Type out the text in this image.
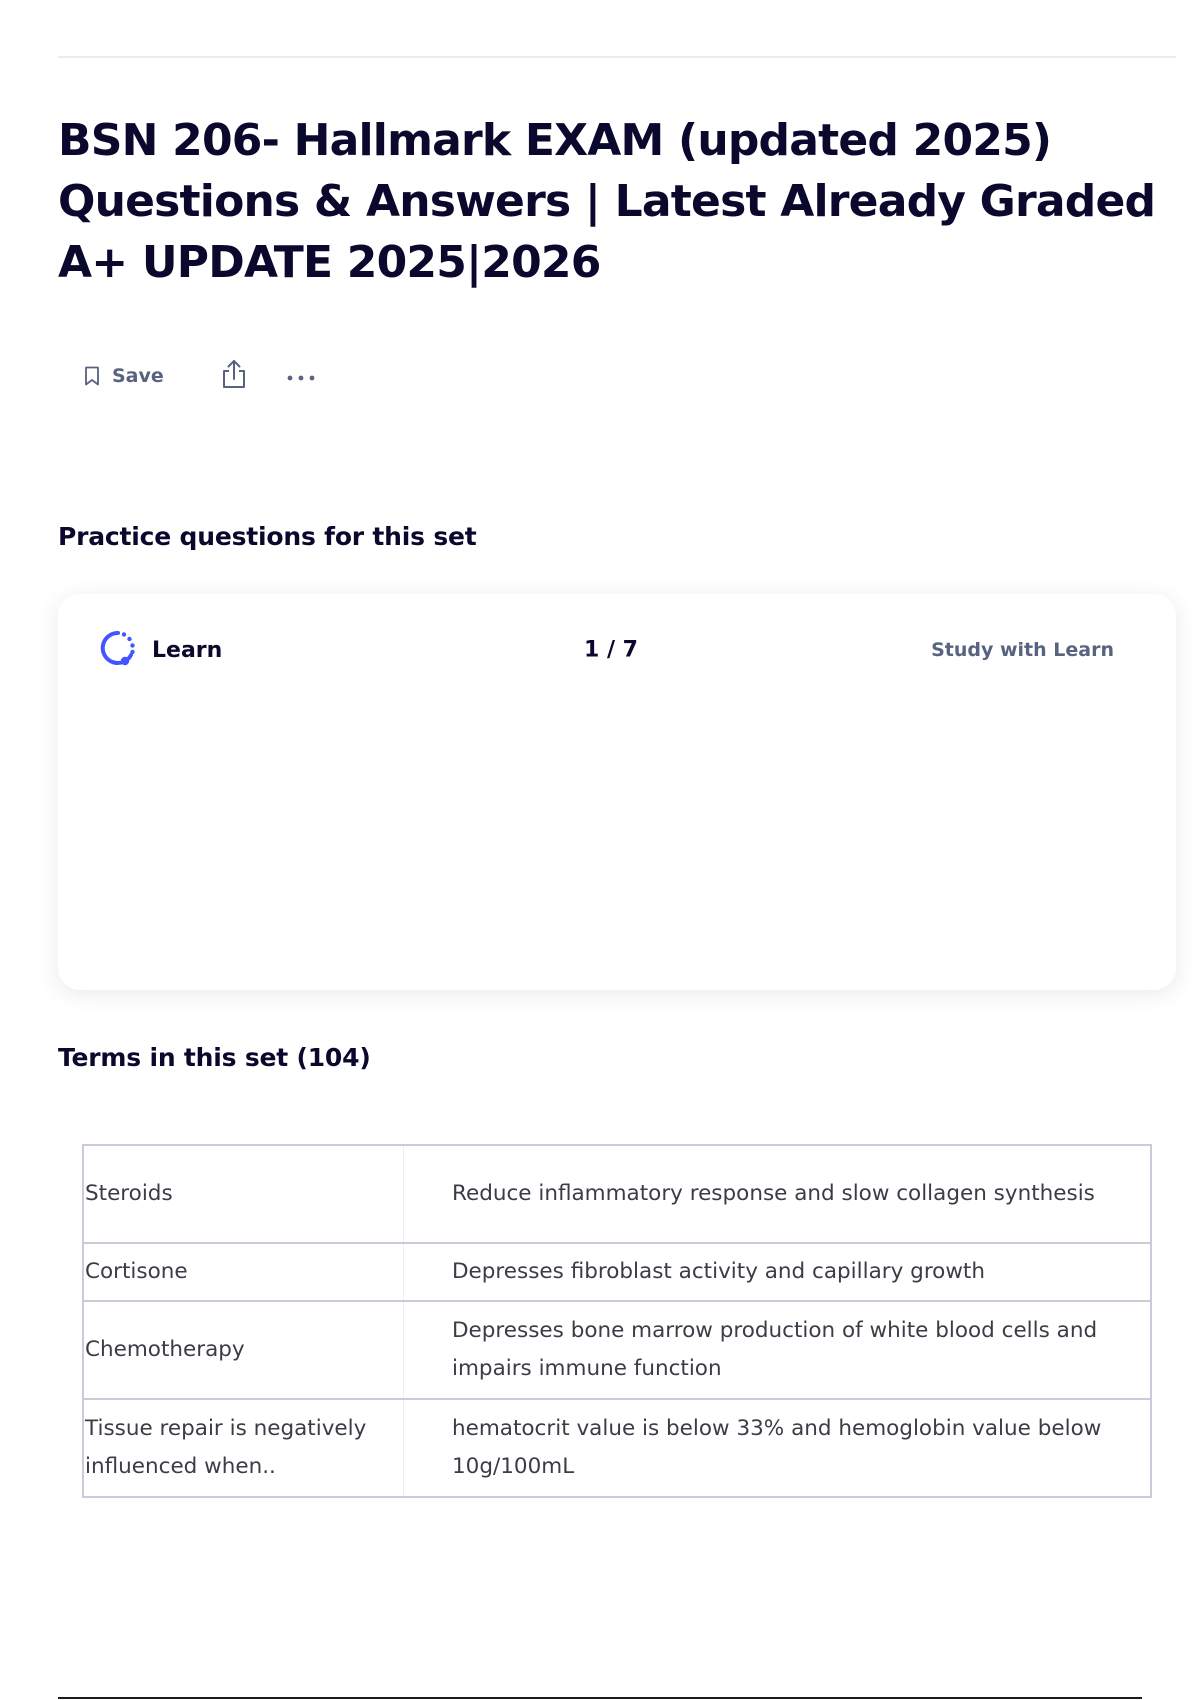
BSN 206- Hallmark EXAM (updated 2025) Questions & Answers | Latest Already Graded A+ UPDATE 2025|2026
Save
Practice questions for this set
Learn	1 / 7	Study with Learn
Terms in this set (104)
Steroids	Reduce inflammatory response and slow collagen synthesis
Cortisone	Depresses fibroblast activity and capillary growth
Chemotherapy	Depresses bone marrow production of white blood cells and impairs immune function
Tissue repair is negatively influenced when..	hematocrit value is below 33% and hemoglobin value below 10g/100mL
